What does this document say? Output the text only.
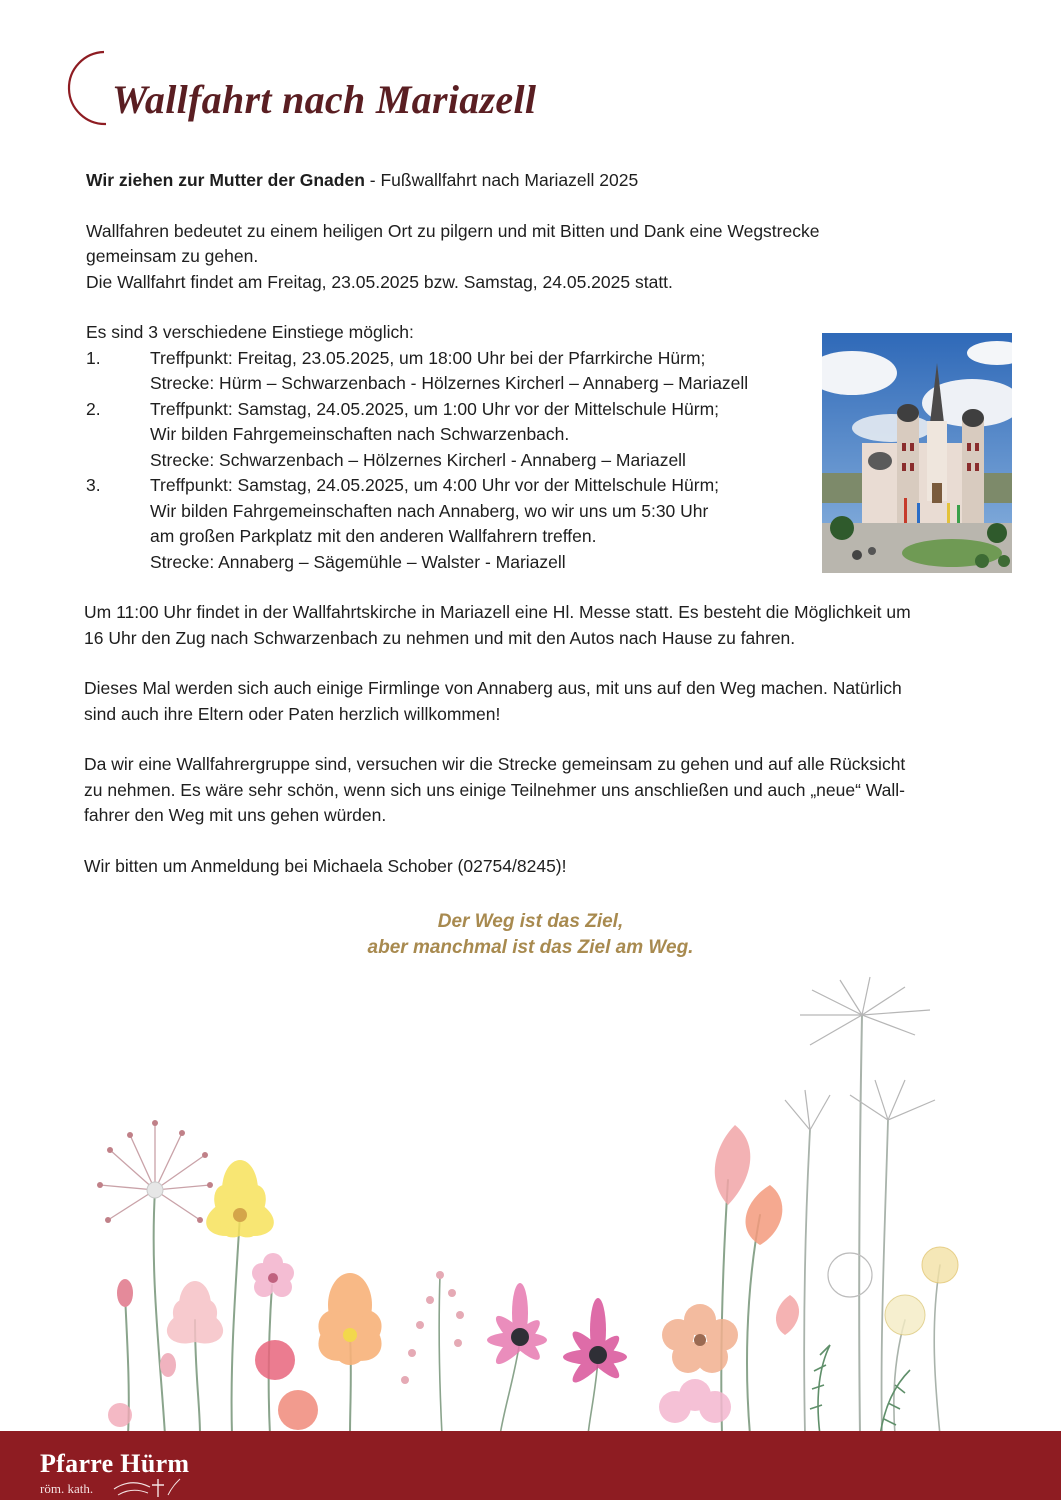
Wallfahrt nach Mariazell

Wir ziehen zur Mutter der Gnaden - Fußwallfahrt nach Mariazell 2025

Wallfahren bedeutet zu einem heiligen Ort zu pilgern und mit Bitten und Dank eine Wegstrecke

gemeinsam zu gehen.

Die Wallfahrt findet am Freitag, 23.05.2025 bzw. Samstag, 24.05.2025 statt.

Es sind 3 verschiedene Einstiege möglich:

1.	Treffpunkt: Freitag, 23.05.2025, um 18:00 Uhr bei der Pfarrkirche Hürm;
Strecke: Hürm – Schwarzenbach - Hölzernes Kircherl – Annaberg – Mariazell
2.	Treffpunkt: Samstag, 24.05.2025, um 1:00 Uhr vor der Mittelschule Hürm;
Wir bilden Fahrgemeinschaften nach Schwarzenbach.
Strecke: Schwarzenbach – Hölzernes Kircherl - Annaberg – Mariazell
3.	Treffpunkt: Samstag, 24.05.2025, um 4:00 Uhr vor der Mittelschule Hürm;
Wir bilden Fahrgemeinschaften nach Annaberg, wo wir uns um 5:30 Uhr
am großen Parkplatz mit den anderen Wallfahrern treffen.
Strecke: Annaberg – Sägemühle – Walster - Mariazell

Um 11:00 Uhr findet in der Wallfahrtskirche in Mariazell eine Hl. Messe statt. Es besteht die Möglichkeit um

16 Uhr den Zug nach Schwarzenbach zu nehmen und mit den Autos nach Hause zu fahren.

Dieses Mal werden sich auch einige Firmlinge von Annaberg aus, mit uns auf den Weg machen. Natürlich

sind auch ihre Eltern oder Paten herzlich willkommen!

Da wir eine Wallfahrergruppe sind, versuchen wir die Strecke gemeinsam zu gehen und auf alle Rücksicht

zu nehmen. Es wäre sehr schön, wenn sich uns einige Teilnehmer uns anschließen und auch „neue“ Wall-

fahrer den Weg mit uns gehen würden.

Wir bitten um Anmeldung bei Michaela Schober (02754/8245)!

Der Weg ist das Ziel,
aber manchmal ist das Ziel am Weg.
Pfarre Hürm
röm. kath.
